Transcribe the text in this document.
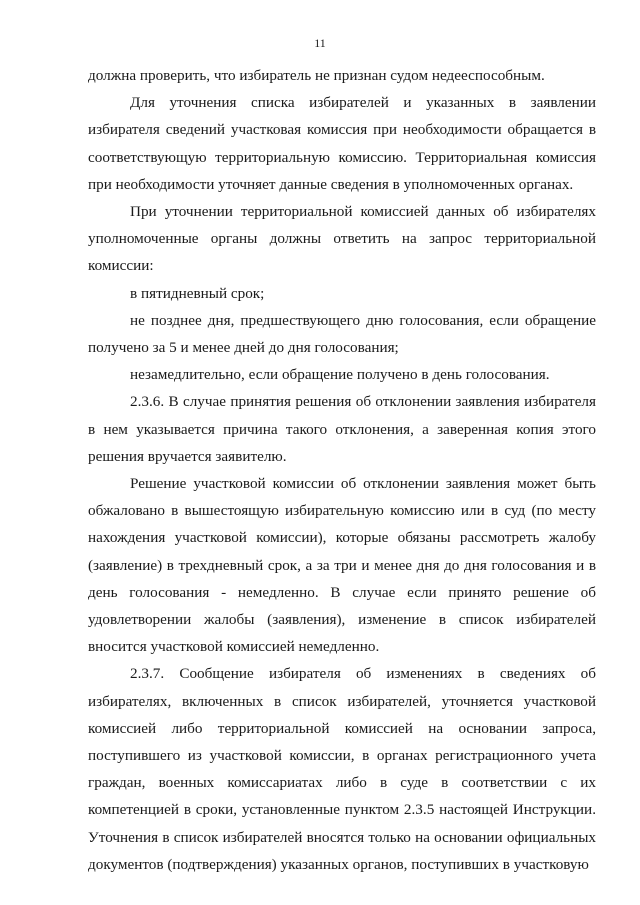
11

должна проверить, что избиратель не признан судом недееспособным.

Для уточнения списка избирателей и указанных в заявлении избирателя сведений участковая комиссия при необходимости обращается в соответствующую территориальную комиссию. Территориальная комиссия при необходимости уточняет данные сведения в уполномоченных органах.

При уточнении территориальной комиссией данных об избирателях уполномоченные органы должны ответить на запрос территориальной комиссии:

в пятидневный срок;

не позднее дня, предшествующего дню голосования, если обращение получено за 5 и менее дней до дня голосования;

незамедлительно, если обращение получено в день голосования.

2.3.6. В случае принятия решения об отклонении заявления избирателя в нем указывается причина такого отклонения, а заверенная копия этого решения вручается заявителю.

Решение участковой комиссии об отклонении заявления может быть обжаловано в вышестоящую избирательную комиссию или в суд (по месту нахождения участковой комиссии), которые обязаны рассмотреть жалобу (заявление) в трехдневный срок, а за три и менее дня до дня голосования и в день голосования - немедленно. В случае если принято решение об удовлетворении жалобы (заявления), изменение в список избирателей вносится участковой комиссией немедленно.

2.3.7. Сообщение избирателя об изменениях в сведениях об избирателях, включенных в список избирателей, уточняется участковой комиссией либо территориальной комиссией на основании запроса, поступившего из участковой комиссии, в органах регистрационного учета граждан, военных комиссариатах либо в суде в соответствии с их компетенцией в сроки, установленные пунктом 2.3.5 настоящей Инструкции. Уточнения в список избирателей вносятся только на основании официальных документов (подтверждения) указанных органов, поступивших в участковую
